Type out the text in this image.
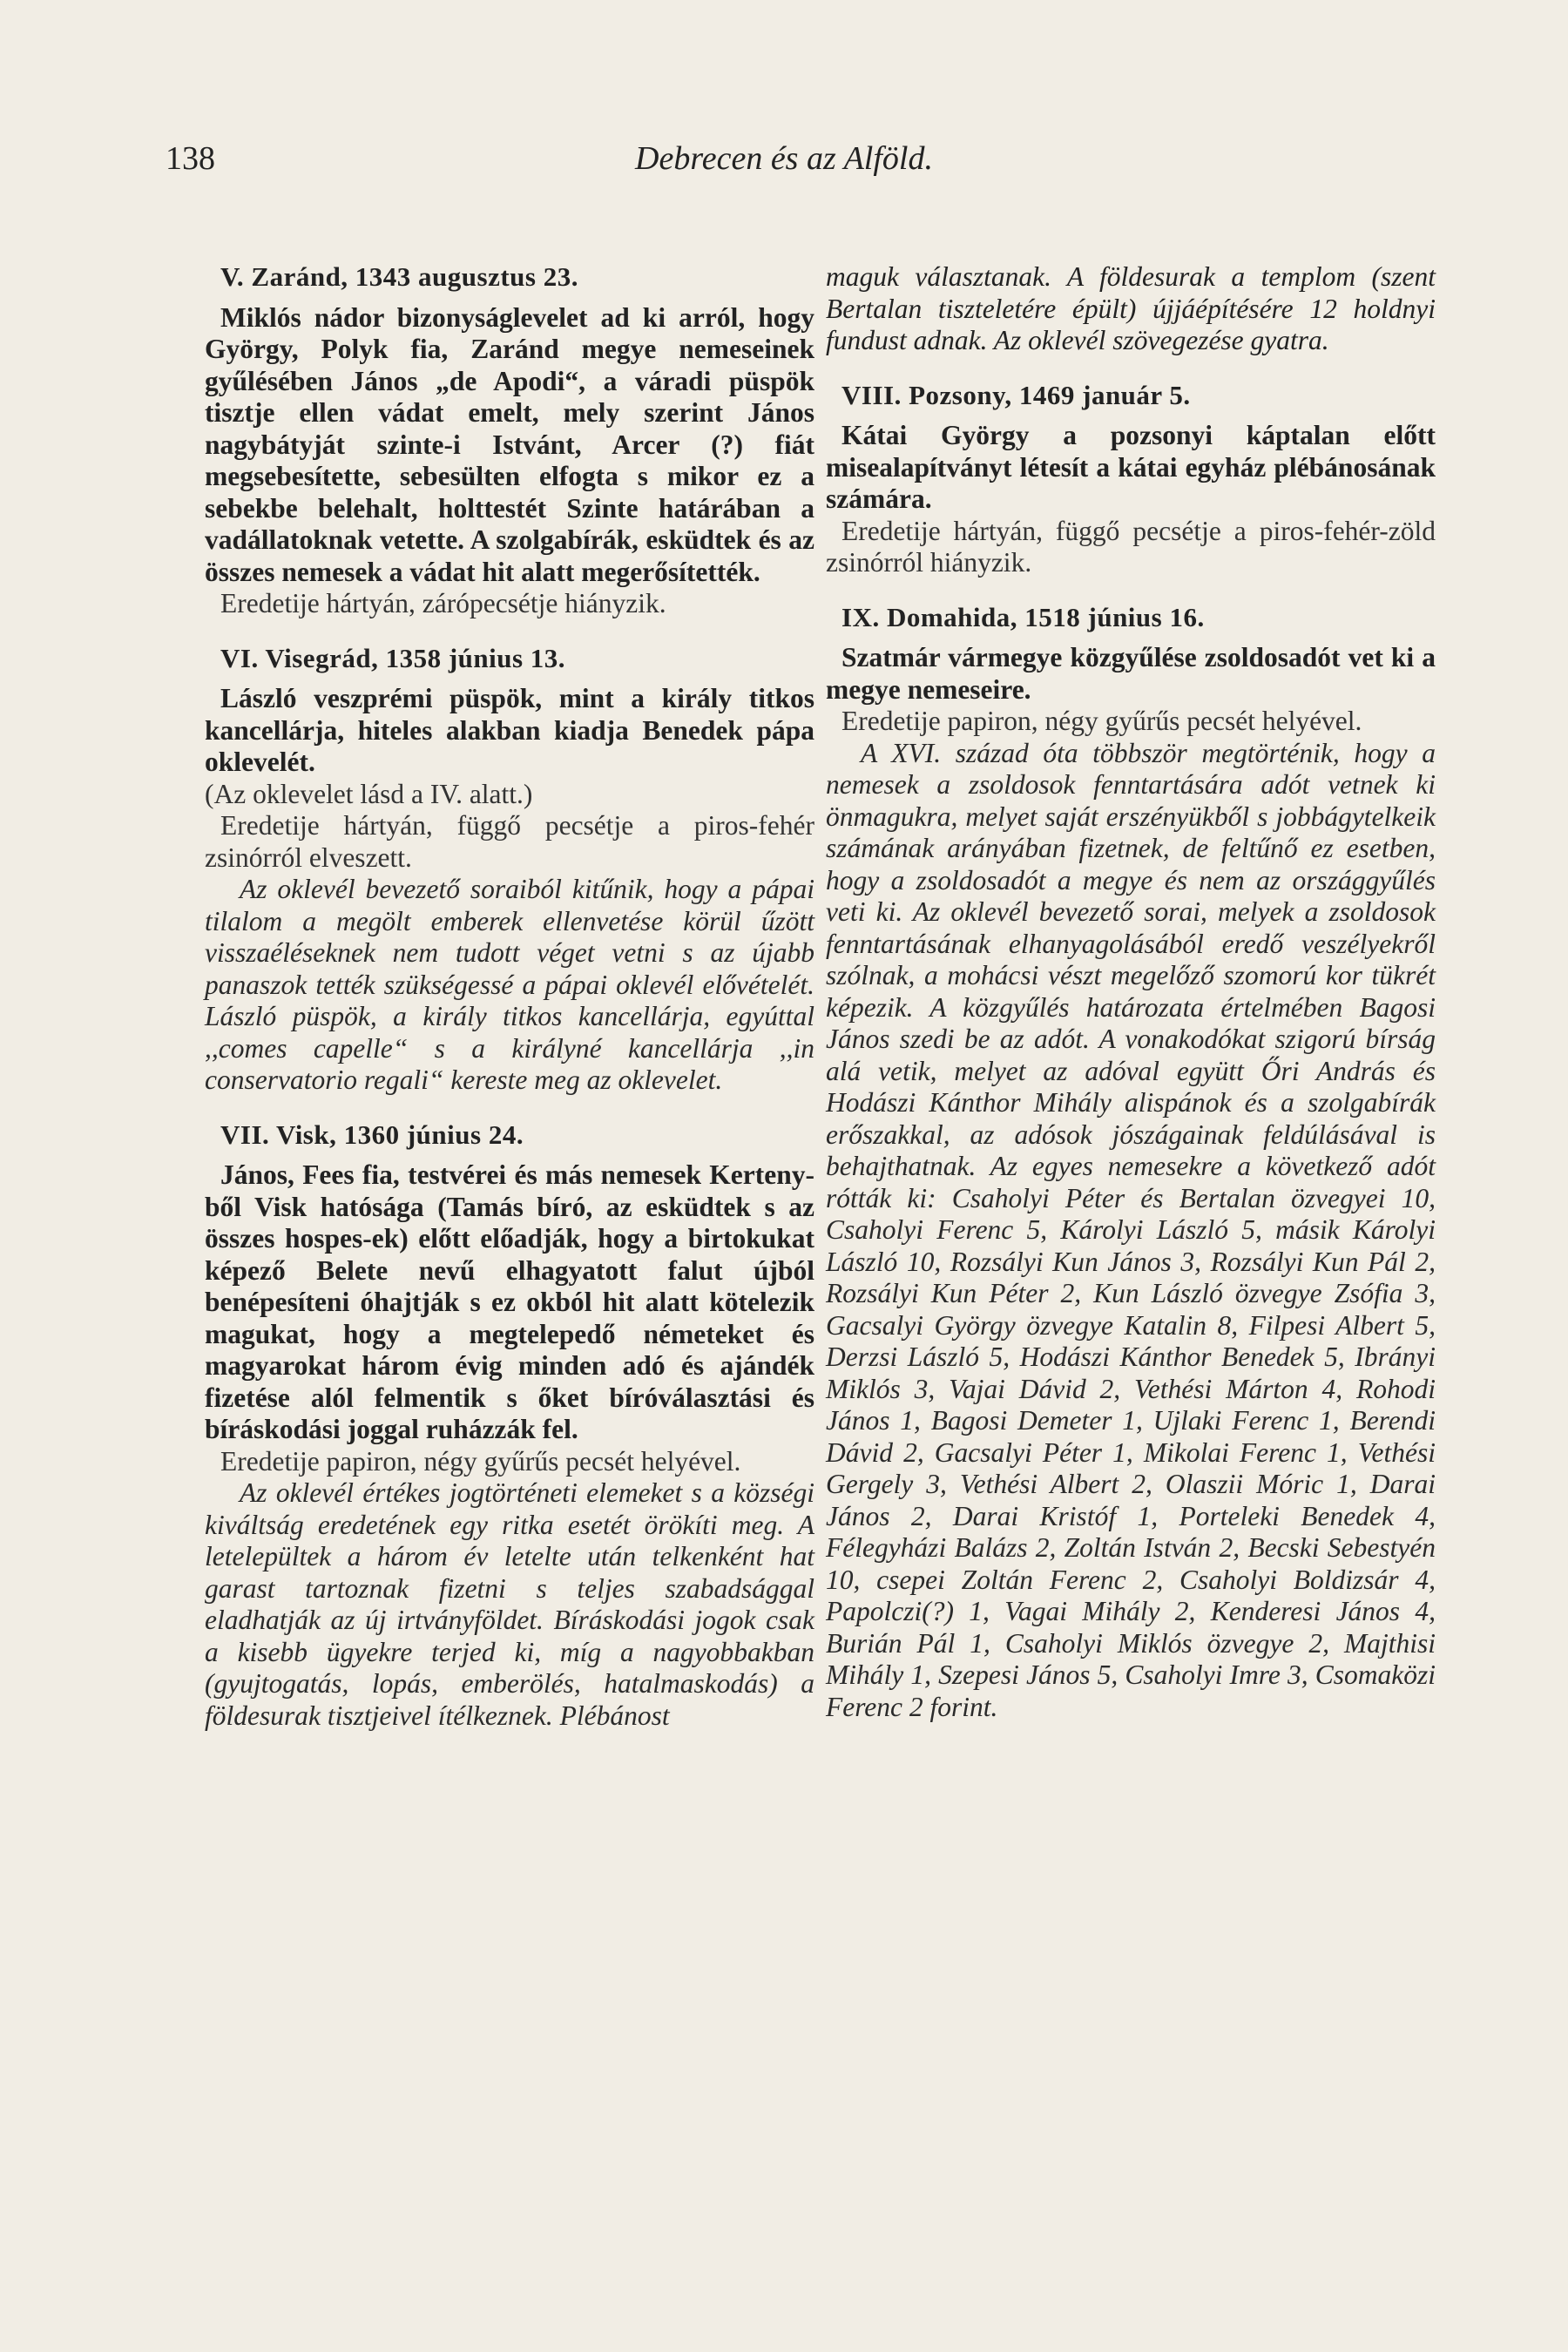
138	Debrecen és az Alföld.

V. Zaránd, 1343 augusztus 23.

Miklós nádor bizonyságlevelet ad ki arról, hogy György, Polyk fia, Zaránd megye nemeseinek gyűlésében János „de Apodi“, a váradi püspök tisztje ellen vádat emelt, mely szerint János nagybátyját szinte-i Istvánt, Arcer (?) fiát megsebesítette, sebesülten elfogta s mikor ez a sebekbe belehalt, holttestét Szinte határában a vadállatoknak vetette. A szolgabírák, esküdtek és az összes nemesek a vádat hit alatt megerősítették.

Eredetije hártyán, zárópecsétje hiányzik.

VI. Visegrád, 1358 június 13.

László veszprémi püspök, mint a király titkos kancellárja, hiteles alakban kiadja Benedek pápa oklevelét.

(Az oklevelet lásd a IV. alatt.)

Eredetije hártyán, függő pecsétje a piros-fehér zsinórról elveszett.

Az oklevél bevezető soraiból kitűnik, hogy a pápai tilalom a megölt emberek ellenvetése körül űzött visszaéléseknek nem tudott véget vetni s az újabb panaszok tették szükségessé a pápai oklevél elővételét. László püspök, a király titkos kancellárja, egyúttal ,,comes capelle“ s a királyné kancellárja ,,in conservatorio regali“ kereste meg az oklevelet.

VII. Visk, 1360 június 24.

János, Fees fia, testvérei és más nemesek Kerteny-ből Visk hatósága (Tamás bíró, az esküdtek s az összes hospes-ek) előtt előadják, hogy a birtokukat képező Belete nevű elhagyatott falut újból benépesíteni óhajtják s ez okból hit alatt kötelezik magukat, hogy a megtelepedő németeket és magyarokat három évig minden adó és ajándék fizetése alól felmentik s őket bíróválasztási és bíráskodási joggal ruházzák fel.

Eredetije papiron, négy gyűrűs pecsét helyével.

Az oklevél értékes jogtörténeti elemeket s a községi kiváltság eredetének egy ritka esetét örökíti meg. A letelepültek a három év letelte után telkenként hat garast tartoznak fizetni s teljes szabadsággal eladhatják az új irtványföldet. Bíráskodási jogok csak a kisebb ügyekre terjed ki, míg a nagyobbakban (gyujtogatás, lopás, emberölés, hatalmaskodás) a földesurak tisztjeivel ítélkeznek. Plébánost

maguk választanak. A földesurak a templom (szent Bertalan tiszteletére épült) újjáépítésére 12 holdnyi fundust adnak. Az oklevél szövegezése gyatra.

VIII. Pozsony, 1469 január 5.

Kátai György a pozsonyi káptalan előtt misealapítványt létesít a kátai egyház plébánosának számára.

Eredetije hártyán, függő pecsétje a piros-fehér-zöld zsinórról hiányzik.

IX. Domahida, 1518 június 16.

Szatmár vármegye közgyűlése zsoldosadót vet ki a megye nemeseire.

Eredetije papiron, négy gyűrűs pecsét helyével.

A XVI. század óta többször megtörténik, hogy a nemesek a zsoldosok fenntartására adót vetnek ki önmagukra, melyet saját erszényükből s jobbágytelkeik számának arányában fizetnek, de feltűnő ez esetben, hogy a zsoldosadót a megye és nem az országgyűlés veti ki. Az oklevél bevezető sorai, melyek a zsoldosok fenntartásának elhanyagolásából eredő veszélyekről szólnak, a mohácsi vészt megelőző szomorú kor tükrét képezik. A közgyűlés határozata értelmében Bagosi János szedi be az adót. A vonakodókat szigorú bírság alá vetik, melyet az adóval együtt Őri András és Hodászi Kánthor Mihály alispánok és a szolgabírák erőszakkal, az adósok jószágainak feldúlásával is behajthatnak. Az egyes nemesekre a következő adót rótták ki: Csaholyi Péter és Bertalan özvegyei 10, Csaholyi Ferenc 5, Károlyi László 5, másik Károlyi László 10, Rozsályi Kun János 3, Rozsályi Kun Pál 2, Rozsályi Kun Péter 2, Kun László özvegye Zsófia 3, Gacsalyi György özvegye Katalin 8, Filpesi Albert 5, Derzsi László 5, Hodászi Kánthor Benedek 5, Ibrányi Miklós 3, Vajai Dávid 2, Vethési Márton 4, Rohodi János 1, Bagosi Demeter 1, Ujlaki Ferenc 1, Berendi Dávid 2, Gacsalyi Péter 1, Mikolai Ferenc 1, Vethési Gergely 3, Vethési Albert 2, Olaszii Móric 1, Darai János 2, Darai Kristóf 1, Porteleki Benedek 4, Félegyházi Balázs 2, Zoltán István 2, Becski Sebestyén 10, csepei Zoltán Ferenc 2, Csaholyi Boldizsár 4, Papolczi(?) 1, Vagai Mihály 2, Kenderesi János 4, Burián Pál 1, Csaholyi Miklós özvegye 2, Majthisi Mihály 1, Szepesi János 5, Csaholyi Imre 3, Csomaközi Ferenc 2 forint.
